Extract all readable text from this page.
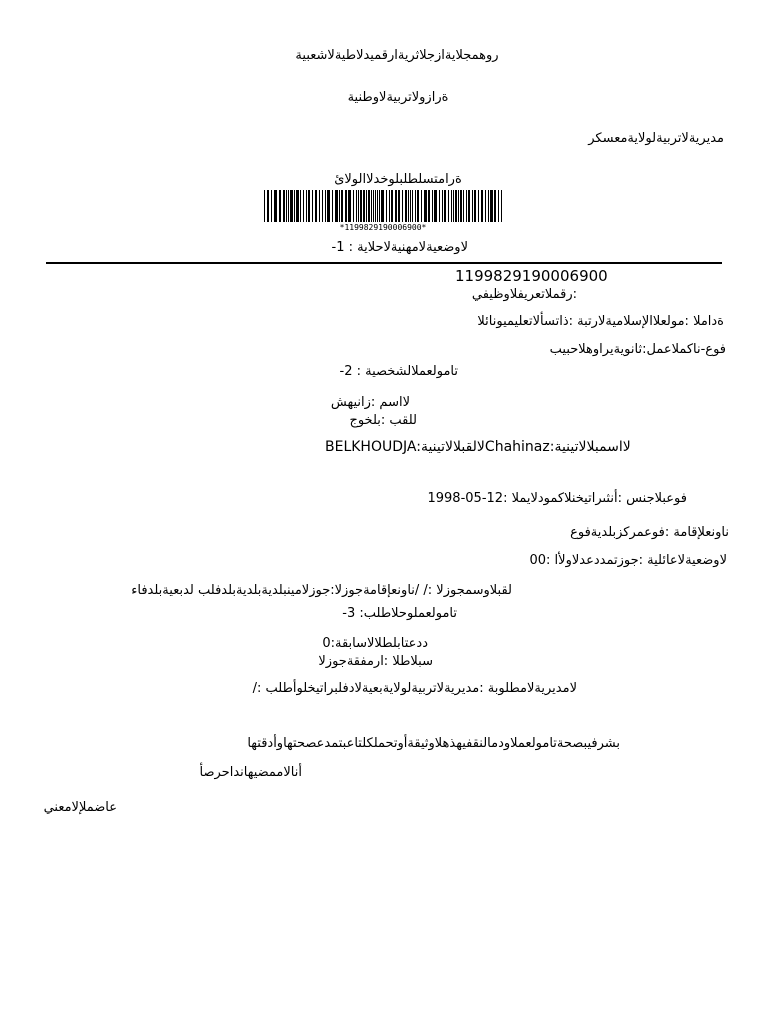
روهمجلايةازجلاثريةارقميدلاطيةلاشعبية
ةرازولاتربيةلاوطنية
مديريةلاتربيةلولايةمعسكر
ةرامتسلطلبلوخدلاالولائ
*1199829190006900*
-لاوضعيةلامهنيةلاحلاية : 1
1199829190006900
رقملاتعريفلاوظيفي:
ةداملا :مولعلاالإسلاميةلارتبة :ذاتسألاتعليميونائلا
فوع-ناكملاعمل:ثانويةيراوهلاحبيب
-تامولعملالشخصية : 2
لااسم :زانيهش
للقب :بلخوج
BELKHOUDJA:لالقبلالاتينيةChahinaz:لااسمبلالاتينية
فوعبلاجنس :أنثىراتيخنلاكمودلايملا :12-05-1998
ناونعلإقامة :فوعمركزبلديةفوع
لاوضعيةلاعائلية :جوزتمددعدلاولأا :00
لقبلاوسمجوزلا :/ /ناونعإقامةجوزلا:جوزلامينبلديةبلديةبلدفلب لدبعيةبلدفاء
-تامولعملوحلاطلب: 3
0:ددعتابلطلالاسابقة
سبلاطلا :ارمفقةجوزلا
/: لامديريةلامطلوبة :مديريةلاتربيةلولايةبعيةلادفلبراتيخلوأطلب
بشرفيبصحةتامولعملاودمالنقفيهذهلاوثيقةأوتحملكلتاعبتمدعصحتهاوأدقتها
أنالاممضيهانداحرصأ
عاضملإلامعني
